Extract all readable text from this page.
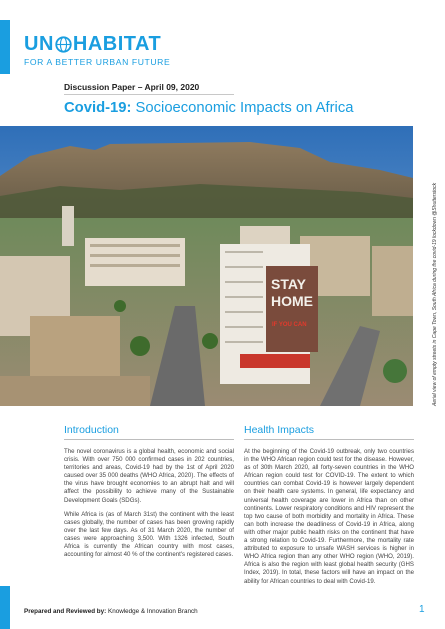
UN HABITAT
FOR A BETTER URBAN FUTURE
Discussion Paper – April 09, 2020
Covid-19: Socioeconomic Impacts on Africa
STAY
HOME
IF YOU CAN	Aerial view of empty streets in Cape Town, South Africa during the covid-19 lockdown @Shutterstock
Introduction

The novel coronavirus is a global health, economic and social crisis. With over 750 000 confirmed cases in 202 countries, territories and areas, Covid-19 had by the 1st of April 2020 caused over 35 000 deaths (WHO Africa, 2020). The effects of the virus have brought economies to an abrupt halt and will affect the possibility to achieve many of the Sustainable Development Goals (SDGs).

While Africa is (as of March 31st) the continent with the least cases globally, the number of cases has been growing rapidly over the last few days. As of 31 March 2020, the number of cases were approaching 3,500. With 1326 infected, South Africa is currently the African country with most cases, accounting for almost 40 % of the continent's registered cases.

Health Impacts

At the beginning of the Covid-19 outbreak, only two countries in the WHO African region could test for the disease. However, as of 30th March 2020, all forty-seven countries in the WHO African region could test for COVID-19. The extent to which countries can combat Covid-19 is however largely dependent on their health care systems. In general, life expectancy and universal health coverage are lower in Africa than on other continents. Lower respiratory conditions and HIV represent the top two cause of both morbidity and mortality in Africa. These can both increase the deadliness of Covid-19 in Africa, along with other major public health risks on the continent that have a strong relation to Covid-19. Furthermore, the mortality rate attributed to exposure to unsafe WASH services is higher in WHO Africa region than any other WHO region (WHO, 2019). Africa is also the region with least global health security (GHS Index, 2019). In total, these factors will have an impact on the ability for African countries to deal with Covid-19.

Prepared and Reviewed by: Knowledge & Innovation Branch	1
